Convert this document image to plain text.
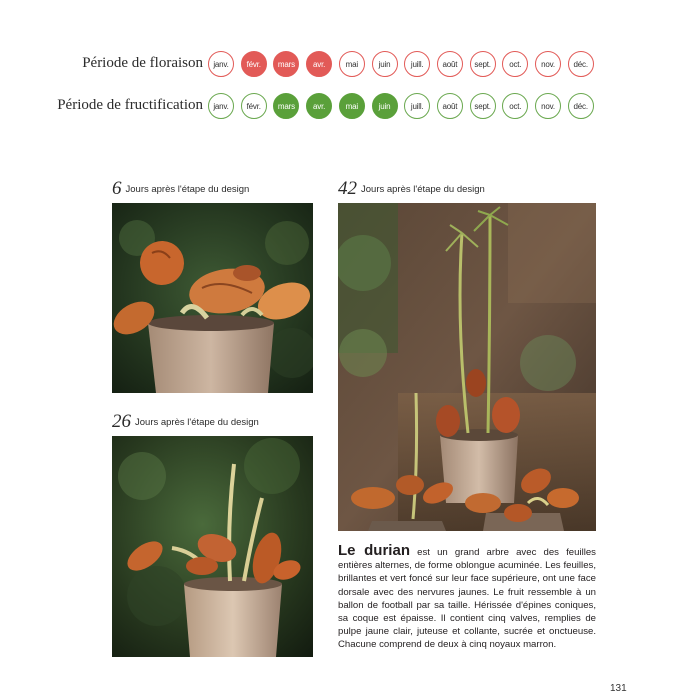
Période de floraison	janv.	févr.	mars	avr.	mai	juin	juill.	août	sept.	oct.	nov.	déc.
Période de fructification	janv.	févr.	mars	avr.	mai	juin	juill.	août	sept.	oct.	nov.	déc.
6 Jours après l'étape du design
26 Jours après l'étape du design
42 Jours après l'étape du design
Le durian est un grand arbre avec des feuilles entières alternes, de forme oblongue acuminée. Les feuilles, brillantes et vert foncé sur leur face supérieure, ont une face dorsale avec des nervures jaunes. Le fruit ressemble à un ballon de football par sa taille. Hérissée d'épines coniques, sa coque est épaisse. Il contient cinq valves, remplies de pulpe jaune clair, juteuse et collante, sucrée et onctueuse. Chacune comprend de deux à cinq noyaux marron.
131
